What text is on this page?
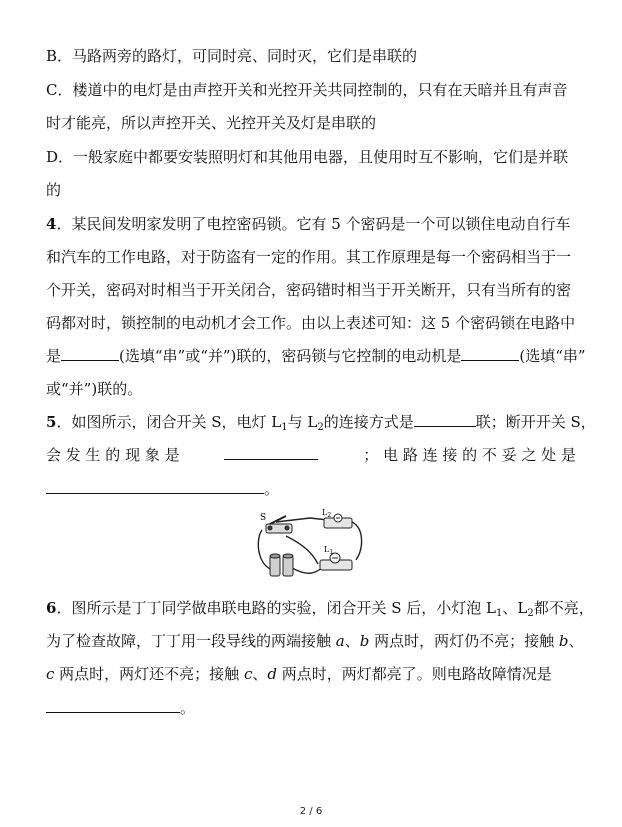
B．马路两旁的路灯，可同时亮、同时灭，它们是串联的
C．楼道中的电灯是由声控开关和光控开关共同控制的，只有在天暗并且有声音
时才能亮，所以声控开关、光控开关及灯是串联的
D．一般家庭中都要安装照明灯和其他用电器，且使用时互不影响，它们是并联
的
4．某民间发明家发明了电控密码锁。它有 5 个密码是一个可以锁住电动自行车
和汽车的工作电路，对于防盗有一定的作用。其工作原理是每一个密码相当于一
个开关，密码对时相当于开关闭合，密码错时相当于开关断开，只有当所有的密
码都对时，锁控制的电动机才会工作。由以上表述可知：这 5 个密码锁在电路中
是	(选填“串”或“并”)联的，密码锁与它控制的电动机是	(选填“串”
或“并”)联的。
5．如图所示，闭合开关 S，电灯 $L_1$与 $L_2$的连接方式是	联；断开开关 S，
会 发 生 的 现 象 是	； 电 路 连 接 的 不 妥 之 处 是
。
S
$L_2$
$L_1$
6．图所示是丁丁同学做串联电路的实验，闭合开关 S 后，小灯泡 $L_1$、$L_2$都不亮，
为了检查故障，丁丁用一段导线的两端接触 a、b 两点时，两灯仍不亮；接触 b、
c 两点时，两灯还不亮；接触 c、d 两点时，两灯都亮了。则电路故障情况是
。
2 / 6
